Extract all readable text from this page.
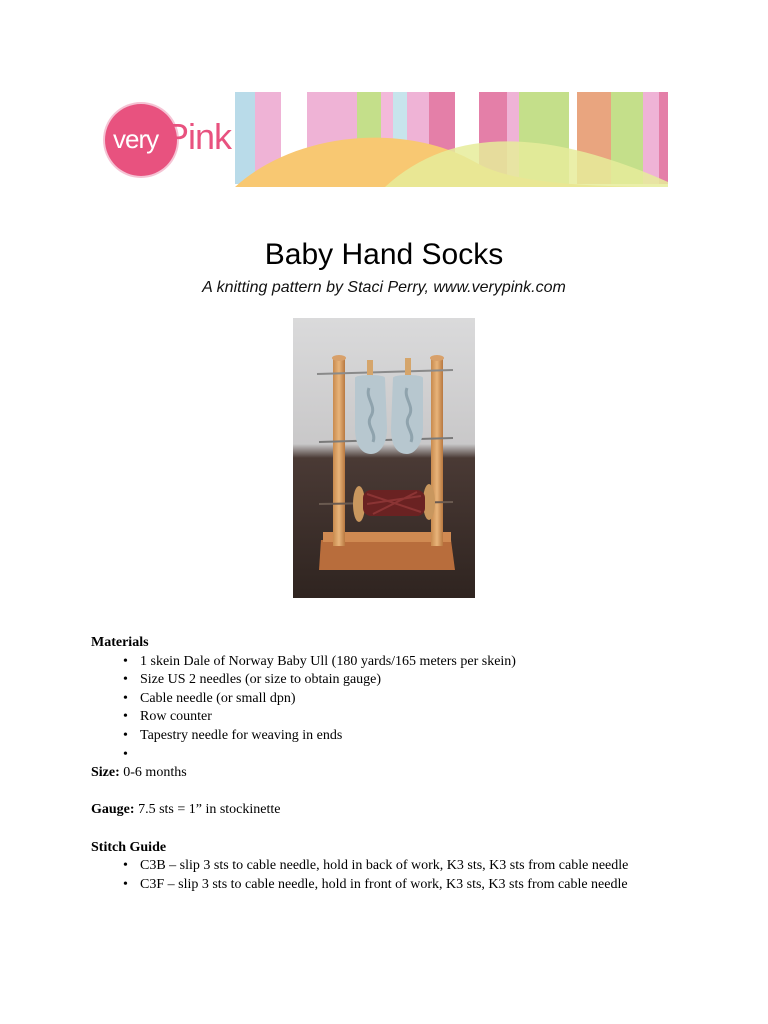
very Pink
Baby Hand Socks
A knitting pattern by Staci Perry, www.verypink.com
Materials
• 1 skein Dale of Norway Baby Ull (180 yards/165 meters per skein)
• Size US 2 needles (or size to obtain gauge)
• Cable needle (or small dpn)
• Row counter
• Tapestry needle for weaving in ends
•
Size: 0-6 months
Gauge: 7.5 sts = 1” in stockinette
Stitch Guide
• C3B – slip 3 sts to cable needle, hold in back of work, K3 sts, K3 sts from cable needle
• C3F – slip 3 sts to cable needle, hold in front of work, K3 sts, K3 sts from cable needle
